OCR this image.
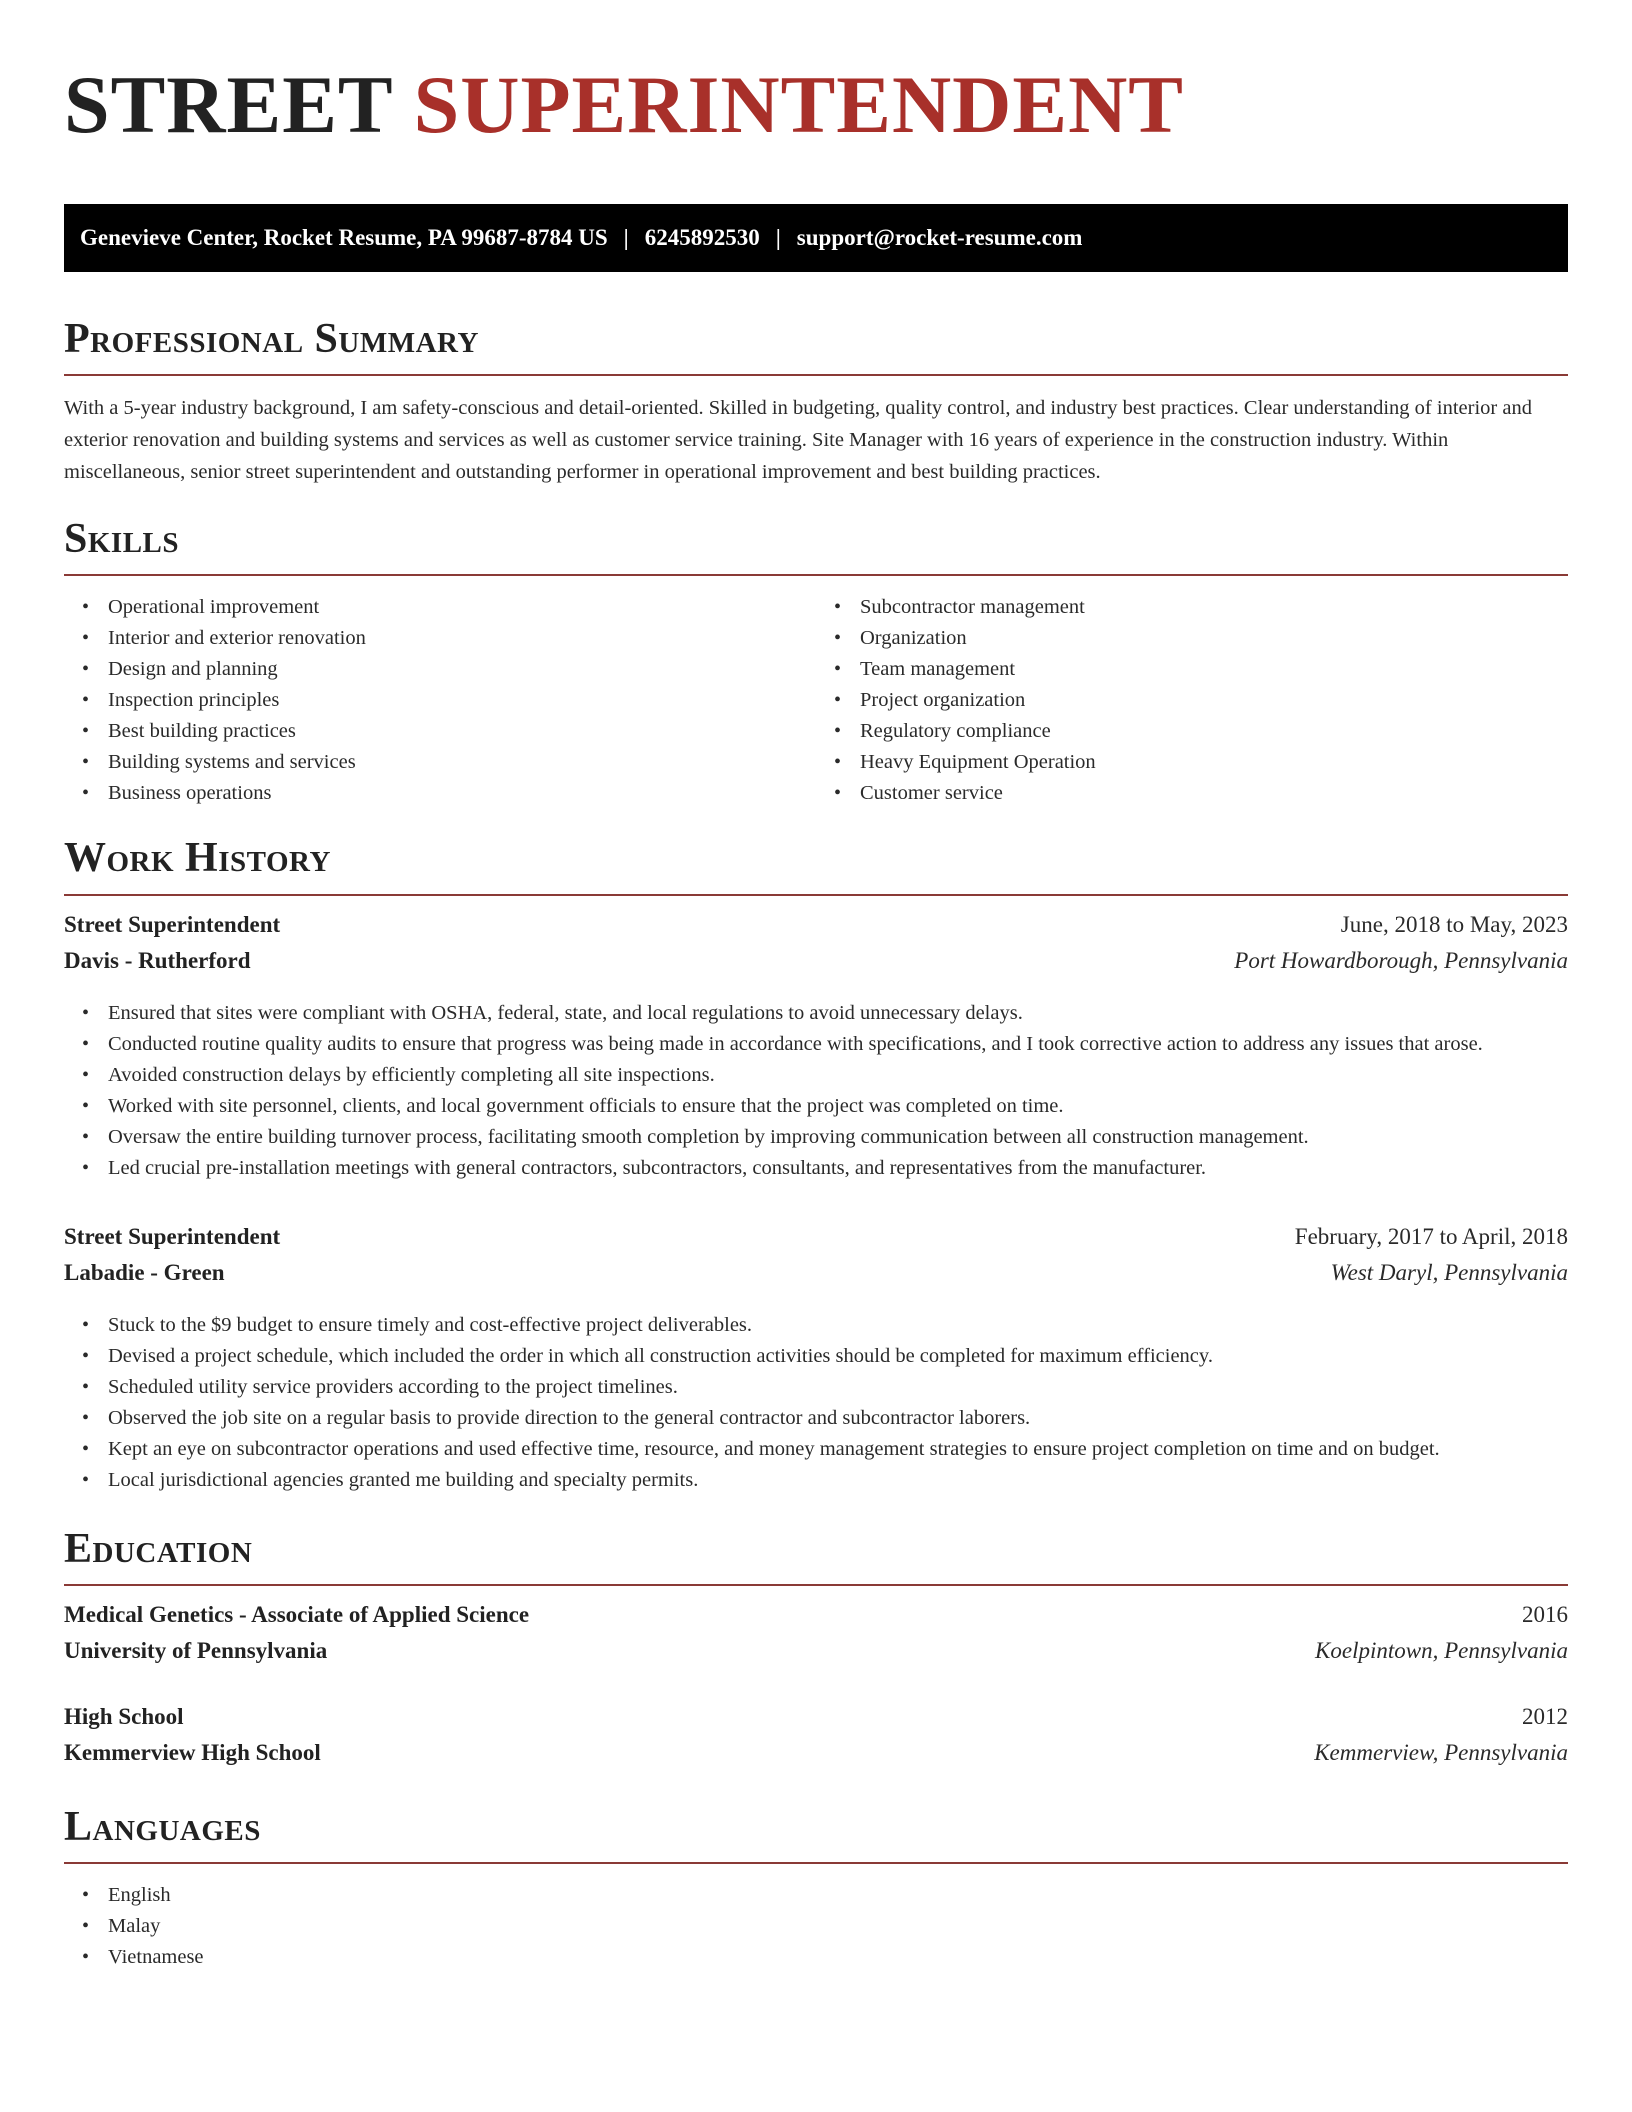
STREET SUPERINTENDENT
Genevieve Center, Rocket Resume, PA 99687-8784 US | 6245892530 | support@rocket-resume.com
Professional Summary

With a 5-year industry background, I am safety-conscious and detail-oriented. Skilled in budgeting, quality control, and industry best practices. Clear understanding of interior and exterior renovation and building systems and services as well as customer service training. Site Manager with 16 years of experience in the construction industry. Within miscellaneous, senior street superintendent and outstanding performer in operational improvement and best building practices.

Skills
• Operational improvement
• Interior and exterior renovation
• Design and planning
• Inspection principles
• Best building practices
• Building systems and services
• Business operations
• Subcontractor management
• Organization
• Team management
• Project organization
• Regulatory compliance
• Heavy Equipment Operation
• Customer service
Work History
Street Superintendent	June, 2018 to May, 2023
Davis - Rutherford	Port Howardborough, Pennsylvania
• Ensured that sites were compliant with OSHA, federal, state, and local regulations to avoid unnecessary delays.
• Conducted routine quality audits to ensure that progress was being made in accordance with specifications, and I took corrective action to address any issues that arose.
• Avoided construction delays by efficiently completing all site inspections.
• Worked with site personnel, clients, and local government officials to ensure that the project was completed on time.
• Oversaw the entire building turnover process, facilitating smooth completion by improving communication between all construction management.
• Led crucial pre-installation meetings with general contractors, subcontractors, consultants, and representatives from the manufacturer.
Street Superintendent	February, 2017 to April, 2018
Labadie - Green	West Daryl, Pennsylvania
• Stuck to the $9 budget to ensure timely and cost-effective project deliverables.
• Devised a project schedule, which included the order in which all construction activities should be completed for maximum efficiency.
• Scheduled utility service providers according to the project timelines.
• Observed the job site on a regular basis to provide direction to the general contractor and subcontractor laborers.
• Kept an eye on subcontractor operations and used effective time, resource, and money management strategies to ensure project completion on time and on budget.
• Local jurisdictional agencies granted me building and specialty permits.
Education
Medical Genetics - Associate of Applied Science	2016
University of Pennsylvania	Koelpintown, Pennsylvania
High School	2012
Kemmerview High School	Kemmerview, Pennsylvania
Languages
• English
• Malay
• Vietnamese
